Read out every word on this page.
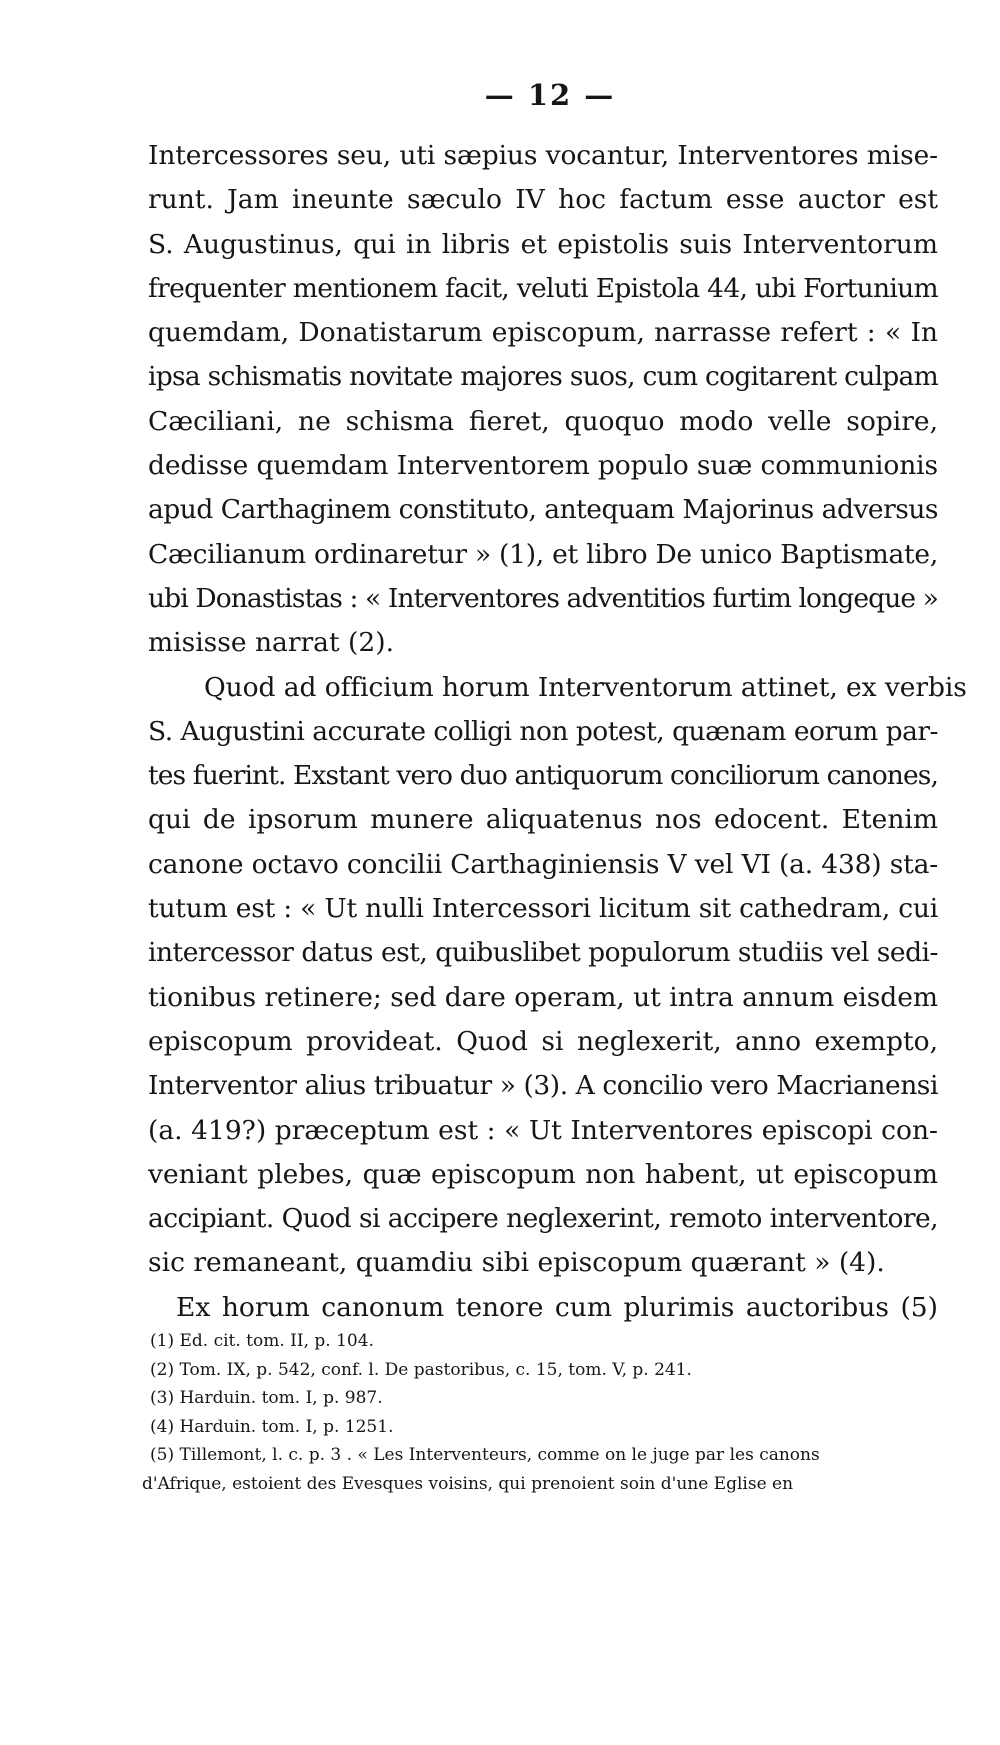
— 12 —

Intercessores seu, uti sæpius vocantur, Interventores mise-
runt. Jam ineunte sæculo IV hoc factum esse auctor est
S. Augustinus, qui in libris et epistolis suis Interventorum
frequenter mentionem facit, veluti Epistola 44, ubi Fortunium
quemdam, Donatistarum episcopum, narrasse refert : « In
ipsa schismatis novitate majores suos, cum cogitarent culpam
Cæciliani, ne schisma fieret, quoquo modo velle sopire,
dedisse quemdam Interventorem populo suæ communionis
apud Carthaginem constituto, antequam Majorinus adversus
Cæcilianum ordinaretur » (1), et libro De unico Baptismate,
ubi Donastistas : « Interventores adventitios furtim longeque »
misisse narrat (2).

Quod ad officium horum Interventorum attinet, ex verbis
S. Augustini accurate colligi non potest, quænam eorum par-
tes fuerint. Exstant vero duo antiquorum conciliorum canones,
qui de ipsorum munere aliquatenus nos edocent. Etenim
canone octavo concilii Carthaginiensis V vel VI (a. 438) sta-
tutum est : « Ut nulli Intercessori licitum sit cathedram, cui
intercessor datus est, quibuslibet populorum studiis vel sedi-
tionibus retinere; sed dare operam, ut intra annum eisdem
episcopum provideat. Quod si neglexerit, anno exempto,
Interventor alius tribuatur » (3). A concilio vero Macrianensi
(a. 419?) præceptum est : « Ut Interventores episcopi con-
veniant plebes, quæ episcopum non habent, ut episcopum
accipiant. Quod si accipere neglexerint, remoto interventore,
sic remaneant, quamdiu sibi episcopum quærant » (4).

Ex horum canonum tenore cum plurimis auctoribus (5)

(1) Ed. cit. tom. II, p. 104.
(2) Tom. IX, p. 542, conf. l. De pastoribus, c. 15, tom. V, p. 241.
(3) Harduin. tom. I, p. 987.
(4) Harduin. tom. I, p. 1251.
(5) Tillemont, l. c. p. 3 . « Les Interventeurs, comme on le juge par les canons
d'Afrique, estoient des Evesques voisins, qui prenoient soin d'une Eglise en
